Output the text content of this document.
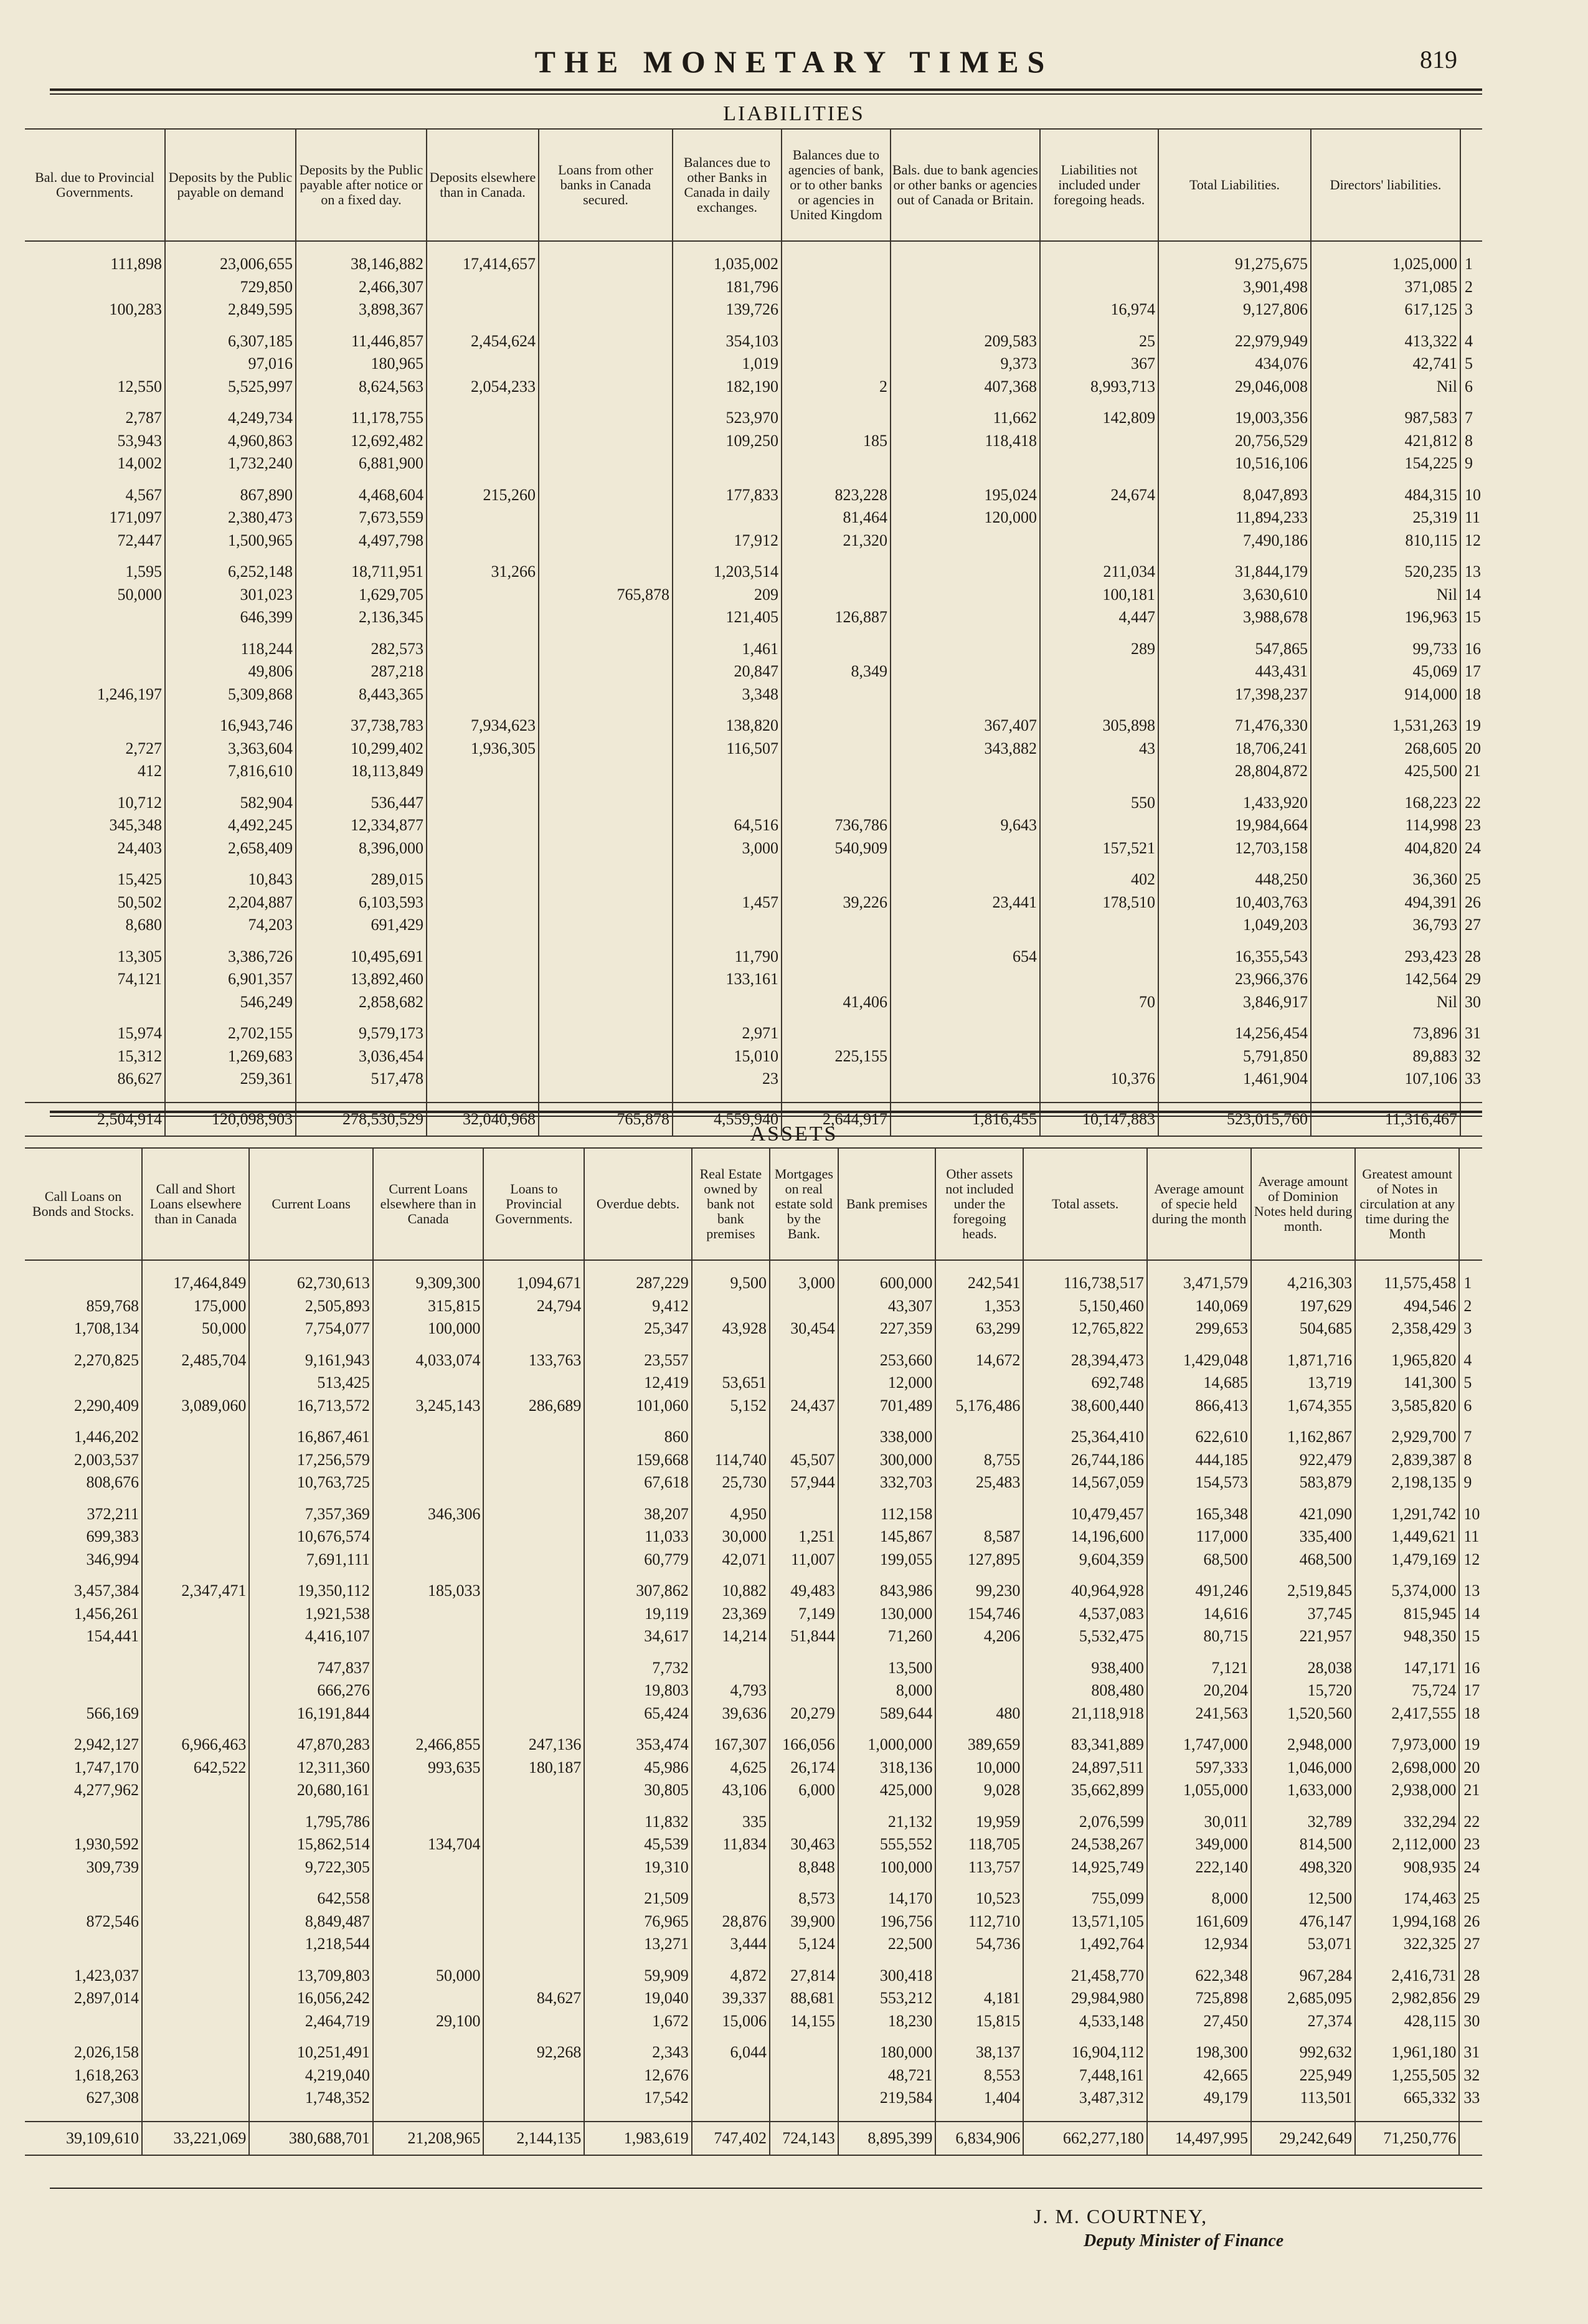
THE MONETARY TIMES	819
LIABILITIES
Bal. due to Provincial Governments.	Deposits by the Public payable on demand	Deposits by the Public payable after notice or on a fixed day.	Deposits elsewhere than in Canada.	Loans from other banks in Canada secured.	Balances due to other Banks in Canada in daily exchanges.	Balances due to agencies of bank, or to other banks or agencies in United Kingdom	Bals. due to bank agencies or other banks or agencies out of Canada or Britain.	Liabilities not included under foregoing heads.	Total Liabilities.	Directors' liabilities.	

111,898	23,006,655	38,146,882	17,414,657		1,035,002				91,275,675	1,025,000	1
	729,850	2,466,307			181,796				3,901,498	371,085	2
100,283	2,849,595	3,898,367			139,726			16,974	9,127,806	617,125	3

	6,307,185	11,446,857	2,454,624		354,103		209,583	25	22,979,949	413,322	4
	97,016	180,965			1,019		9,373	367	434,076	42,741	5
12,550	5,525,997	8,624,563	2,054,233		182,190	2	407,368	8,993,713	29,046,008	Nil	6

2,787	4,249,734	11,178,755			523,970		11,662	142,809	19,003,356	987,583	7
53,943	4,960,863	12,692,482			109,250	185	118,418		20,756,529	421,812	8
14,002	1,732,240	6,881,900							10,516,106	154,225	9

4,567	867,890	4,468,604	215,260		177,833	823,228	195,024	24,674	8,047,893	484,315	10
171,097	2,380,473	7,673,559				81,464	120,000		11,894,233	25,319	11
72,447	1,500,965	4,497,798			17,912	21,320			7,490,186	810,115	12

1,595	6,252,148	18,711,951	31,266		1,203,514			211,034	31,844,179	520,235	13
50,000	301,023	1,629,705		765,878	209			100,181	3,630,610	Nil	14
	646,399	2,136,345			121,405	126,887		4,447	3,988,678	196,963	15

	118,244	282,573			1,461			289	547,865	99,733	16
	49,806	287,218			20,847	8,349			443,431	45,069	17
1,246,197	5,309,868	8,443,365			3,348				17,398,237	914,000	18

	16,943,746	37,738,783	7,934,623		138,820		367,407	305,898	71,476,330	1,531,263	19
2,727	3,363,604	10,299,402	1,936,305		116,507		343,882	43	18,706,241	268,605	20
412	7,816,610	18,113,849							28,804,872	425,500	21

10,712	582,904	536,447						550	1,433,920	168,223	22
345,348	4,492,245	12,334,877			64,516	736,786	9,643		19,984,664	114,998	23
24,403	2,658,409	8,396,000			3,000	540,909		157,521	12,703,158	404,820	24

15,425	10,843	289,015						402	448,250	36,360	25
50,502	2,204,887	6,103,593			1,457	39,226	23,441	178,510	10,403,763	494,391	26
8,680	74,203	691,429							1,049,203	36,793	27

13,305	3,386,726	10,495,691			11,790		654		16,355,543	293,423	28
74,121	6,901,357	13,892,460			133,161				23,966,376	142,564	29
	546,249	2,858,682				41,406		70	3,846,917	Nil	30

15,974	2,702,155	9,579,173			2,971				14,256,454	73,896	31
15,312	1,269,683	3,036,454			15,010	225,155			5,791,850	89,883	32
86,627	259,361	517,478			23			10,376	1,461,904	107,106	33

2,504,914	120,098,903	278,530,529	32,040,968	765,878	4,559,940	2,644,917	1,816,455	10,147,883	523,015,760	11,316,467	
ASSETS
Call Loans on Bonds and Stocks.	Call and Short Loans elsewhere than in Canada	Current Loans	Current Loans elsewhere than in Canada	Loans to Provincial Governments.	Overdue debts.	Real Estate owned by bank not bank premises	Mortgages on real estate sold by the Bank.	Bank premises	Other assets not included under the foregoing heads.	Total assets.	Average amount of specie held during the month	Average amount of Dominion Notes held during month.	Greatest amount of Notes in circulation at any time during the Month	

	17,464,849	62,730,613	9,309,300	1,094,671	287,229	9,500	3,000	600,000	242,541	116,738,517	3,471,579	4,216,303	11,575,458	1
859,768	175,000	2,505,893	315,815	24,794	9,412			43,307	1,353	5,150,460	140,069	197,629	494,546	2
1,708,134	50,000	7,754,077	100,000		25,347	43,928	30,454	227,359	63,299	12,765,822	299,653	504,685	2,358,429	3

2,270,825	2,485,704	9,161,943	4,033,074	133,763	23,557			253,660	14,672	28,394,473	1,429,048	1,871,716	1,965,820	4
		513,425			12,419	53,651		12,000		692,748	14,685	13,719	141,300	5
2,290,409	3,089,060	16,713,572	3,245,143	286,689	101,060	5,152	24,437	701,489	5,176,486	38,600,440	866,413	1,674,355	3,585,820	6

1,446,202		16,867,461			860			338,000		25,364,410	622,610	1,162,867	2,929,700	7
2,003,537		17,256,579			159,668	114,740	45,507	300,000	8,755	26,744,186	444,185	922,479	2,839,387	8
808,676		10,763,725			67,618	25,730	57,944	332,703	25,483	14,567,059	154,573	583,879	2,198,135	9

372,211		7,357,369	346,306		38,207	4,950		112,158		10,479,457	165,348	421,090	1,291,742	10
699,383		10,676,574			11,033	30,000	1,251	145,867	8,587	14,196,600	117,000	335,400	1,449,621	11
346,994		7,691,111			60,779	42,071	11,007	199,055	127,895	9,604,359	68,500	468,500	1,479,169	12

3,457,384	2,347,471	19,350,112	185,033		307,862	10,882	49,483	843,986	99,230	40,964,928	491,246	2,519,845	5,374,000	13
1,456,261		1,921,538			19,119	23,369	7,149	130,000	154,746	4,537,083	14,616	37,745	815,945	14
154,441		4,416,107			34,617	14,214	51,844	71,260	4,206	5,532,475	80,715	221,957	948,350	15

		747,837			7,732			13,500		938,400	7,121	28,038	147,171	16
		666,276			19,803	4,793		8,000		808,480	20,204	15,720	75,724	17
566,169		16,191,844			65,424	39,636	20,279	589,644	480	21,118,918	241,563	1,520,560	2,417,555	18

2,942,127	6,966,463	47,870,283	2,466,855	247,136	353,474	167,307	166,056	1,000,000	389,659	83,341,889	1,747,000	2,948,000	7,973,000	19
1,747,170	642,522	12,311,360	993,635	180,187	45,986	4,625	26,174	318,136	10,000	24,897,511	597,333	1,046,000	2,698,000	20
4,277,962		20,680,161			30,805	43,106	6,000	425,000	9,028	35,662,899	1,055,000	1,633,000	2,938,000	21

		1,795,786			11,832	335		21,132	19,959	2,076,599	30,011	32,789	332,294	22
1,930,592		15,862,514	134,704		45,539	11,834	30,463	555,552	118,705	24,538,267	349,000	814,500	2,112,000	23
309,739		9,722,305			19,310		8,848	100,000	113,757	14,925,749	222,140	498,320	908,935	24

		642,558			21,509		8,573	14,170	10,523	755,099	8,000	12,500	174,463	25
872,546		8,849,487			76,965	28,876	39,900	196,756	112,710	13,571,105	161,609	476,147	1,994,168	26
		1,218,544			13,271	3,444	5,124	22,500	54,736	1,492,764	12,934	53,071	322,325	27

1,423,037		13,709,803	50,000		59,909	4,872	27,814	300,418		21,458,770	622,348	967,284	2,416,731	28
2,897,014		16,056,242		84,627	19,040	39,337	88,681	553,212	4,181	29,984,980	725,898	2,685,095	2,982,856	29
		2,464,719	29,100		1,672	15,006	14,155	18,230	15,815	4,533,148	27,450	27,374	428,115	30

2,026,158		10,251,491		92,268	2,343	6,044		180,000	38,137	16,904,112	198,300	992,632	1,961,180	31
1,618,263		4,219,040			12,676			48,721	8,553	7,448,161	42,665	225,949	1,255,505	32
627,308		1,748,352			17,542			219,584	1,404	3,487,312	49,179	113,501	665,332	33

39,109,610	33,221,069	380,688,701	21,208,965	2,144,135	1,983,619	747,402	724,143	8,895,399	6,834,906	662,277,180	14,497,995	29,242,649	71,250,776	
J. M. COURTNEY,
Deputy Minister of Finance
